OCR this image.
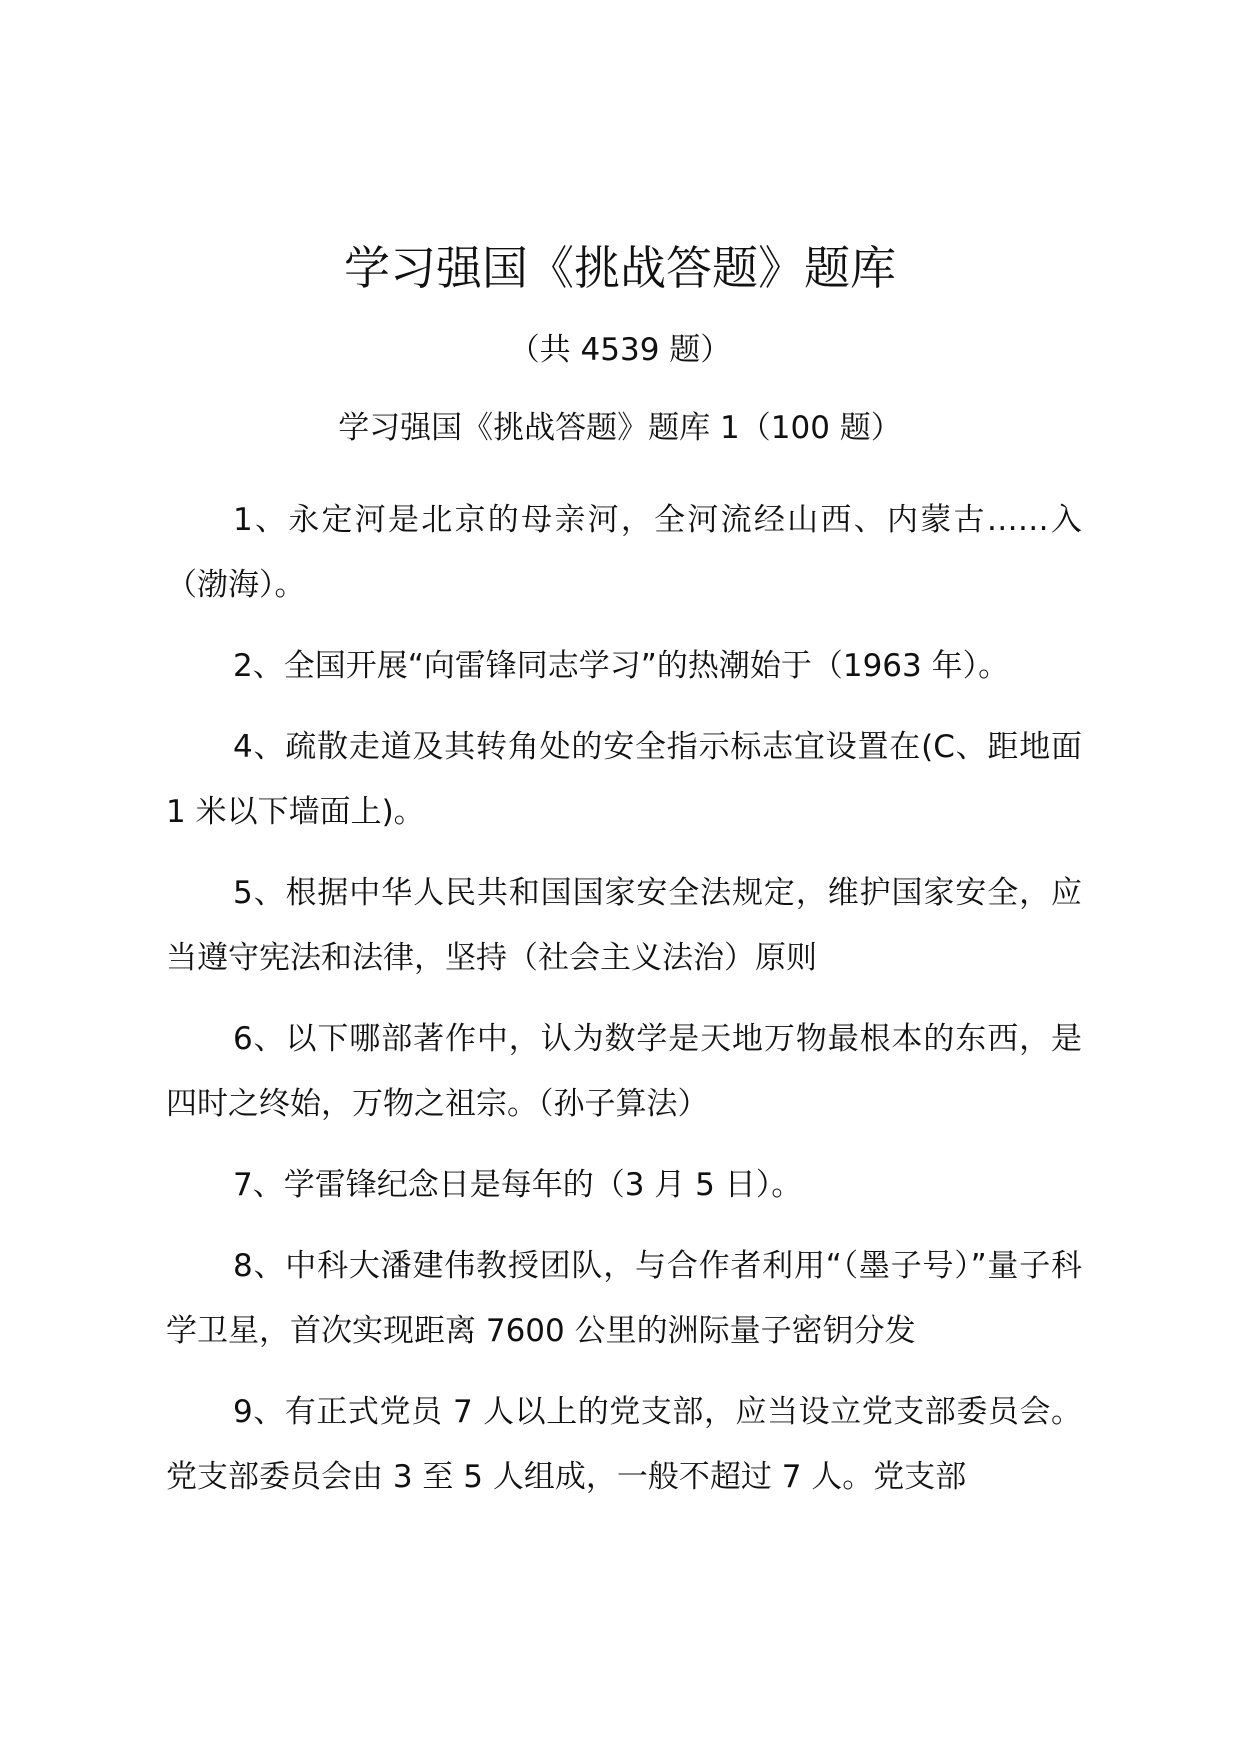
学习强国《挑战答题》题库
（共 4539 题）
学习强国《挑战答题》题库 1（100 题）

1、永定河是北京的母亲河，全河流经山西、内蒙古……入（渤海）。

2、全国开展“向雷锋同志学习”的热潮始于（1963 年）。

4、疏散走道及其转角处的安全指示标志宜设置在(C、距地面 1 米以下墙面上)。

5、根据中华人民共和国国家安全法规定，维护国家安全，应当遵守宪法和法律，坚持（社会主义法治）原则

6、以下哪部著作中，认为数学是天地万物最根本的东西，是四时之终始，万物之祖宗。（孙子算法）

7、学雷锋纪念日是每年的（3 月 5 日）。

8、中科大潘建伟教授团队，与合作者利用“（墨子号）”量子科学卫星，首次实现距离 7600 公里的洲际量子密钥分发

9、有正式党员 7 人以上的党支部，应当设立党支部委员会。党支部委员会由 3 至 5 人组成，一般不超过 7 人。党支部
